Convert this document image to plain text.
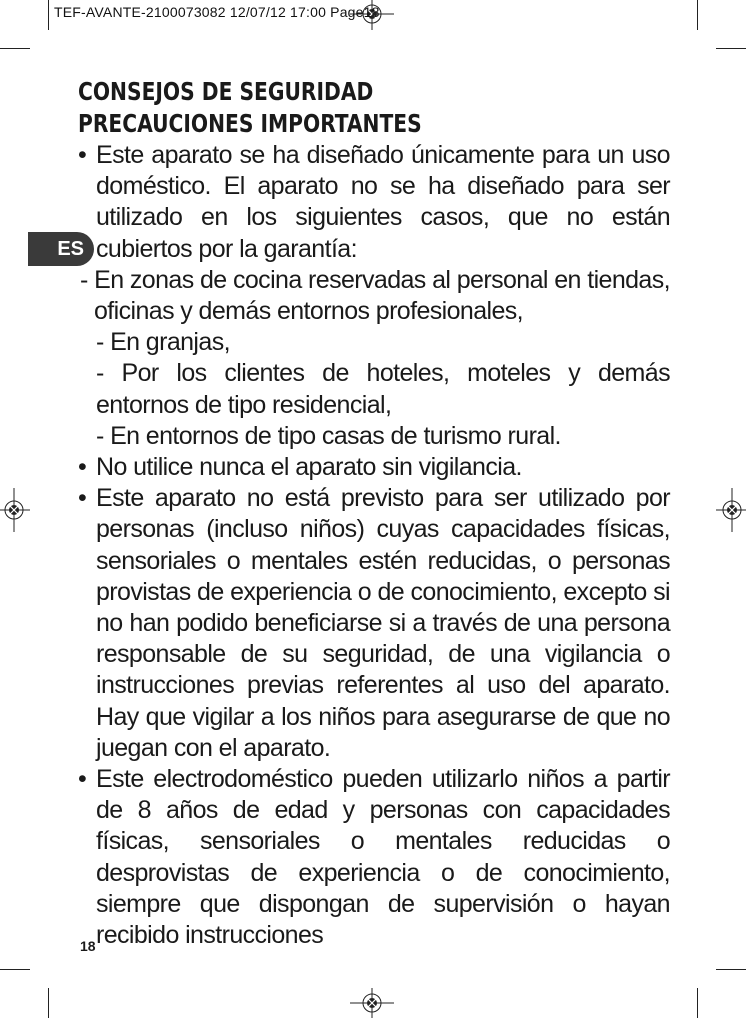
TEF-AVANTE-2100073082 12/07/12 17:00 Page18
ES
CONSEJOS DE SEGURIDAD
PRECAUCIONES IMPORTANTES

• Este aparato se ha diseñado únicamente para un uso doméstico. El aparato no se ha diseñado para ser utilizado en los siguientes casos, que no están cubiertos por la garantía:

- En zonas de cocina reservadas al personal en tiendas, oficinas y demás entornos profesionales,

- En granjas,

- Por los clientes de hoteles, moteles y demás entornos de tipo residencial,

- En entornos de tipo casas de turismo rural.

• No utilice nunca el aparato sin vigilancia.

• Este aparato no está previsto para ser utilizado por personas (incluso niños) cuyas capacidades físicas, sensoriales o mentales estén reducidas, o personas provistas de experiencia o de conocimiento, excepto si no han podido beneficiarse si a través de una persona responsable de su seguridad, de una vigilancia o instrucciones previas referentes al uso del aparato. Hay que vigilar a los niños para asegurarse de que no juegan con el aparato.

• Este electrodoméstico pueden utilizarlo niños a partir de 8 años de edad y personas con capacidades físicas, sensoriales o mentales reducidas o desprovistas de experiencia o de conocimiento, siempre que dispongan de supervisión o hayan recibido instrucciones

18
